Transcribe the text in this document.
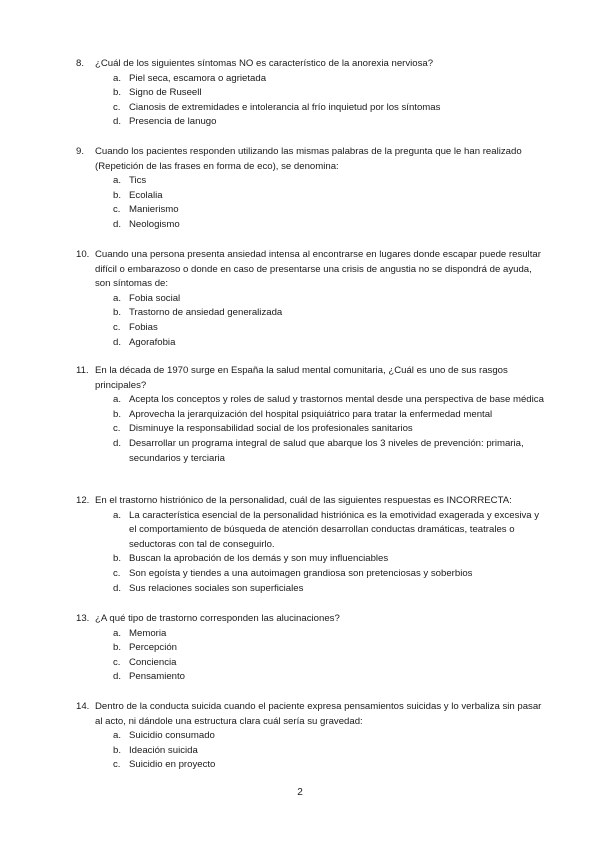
8. ¿Cuál de los siguientes síntomas NO es característico de la anorexia nerviosa?
a. Piel seca, escamora o agrietada
b. Signo de Ruseell
c. Cianosis de extremidades e intolerancia al frío inquietud por los síntomas
d. Presencia de lanugo
9. Cuando los pacientes responden utilizando las mismas palabras de la pregunta que le han realizado (Repetición de las frases en forma de eco), se denomina:
a. Tics
b. Ecolalia
c. Manierismo
d. Neologismo
10. Cuando una persona presenta ansiedad intensa al encontrarse en lugares donde escapar puede resultar difícil o embarazoso o donde en caso de presentarse una crisis de angustia no se dispondrá de ayuda, son síntomas de:
a. Fobia social
b. Trastorno de ansiedad generalizada
c. Fobias
d. Agorafobia
11. En la década de 1970 surge en España la salud mental comunitaria, ¿Cuál es uno de sus rasgos principales?
a. Acepta los conceptos y roles de salud y trastornos mental desde una perspectiva de base médica
b. Aprovecha la jerarquización del hospital psiquiátrico para tratar la enfermedad mental
c. Disminuye la responsabilidad social de los profesionales sanitarios
d. Desarrollar un programa integral de salud que abarque los 3 niveles de prevención: primaria, secundarios y terciaria
12. En el trastorno histriónico de la personalidad, cuál de las siguientes respuestas es INCORRECTA:
a. La característica esencial de la personalidad histriónica es la emotividad exagerada y excesiva y el comportamiento de búsqueda de atención desarrollan conductas dramáticas, teatrales o seductoras con tal de conseguirlo.
b. Buscan la aprobación de los demás y son muy influenciables
c. Son egoísta y tiendes a una autoimagen grandiosa son pretenciosas y soberbios
d. Sus relaciones sociales son superficiales
13. ¿A qué tipo de trastorno corresponden las alucinaciones?
a. Memoria
b. Percepción
c. Conciencia
d. Pensamiento
14. Dentro de la conducta suicida cuando el paciente expresa pensamientos suicidas y lo verbaliza sin pasar al acto, ni dándole una estructura clara cuál sería su gravedad:
a. Suicidio consumado
b. Ideación suicida
c. Suicidio en proyecto
2
